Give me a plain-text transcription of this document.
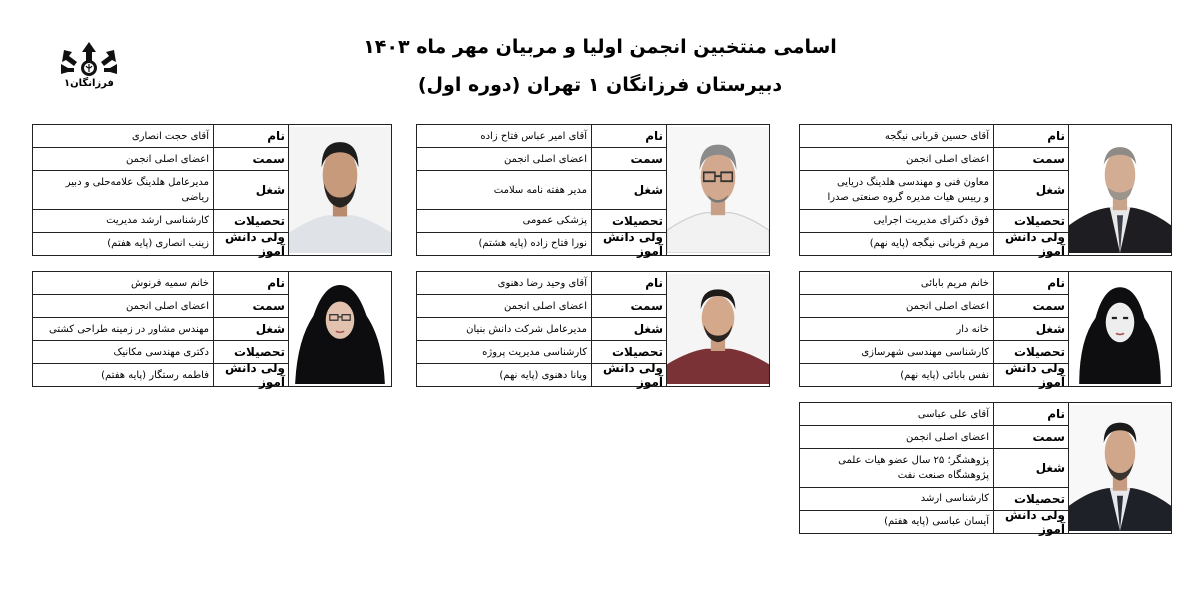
اسامی منتخبین انجمن اولیا و مربیان مهر ماه ۱۴۰۳
دبیرستان فرزانگان ۱ تهران (دوره اول)
فرزانگان۱
نام
آقای حسین قربانی نیگجه
سمت
اعضای اصلی انجمن
شغل
معاون فنی و مهندسی هلدینگ دریایی
و رییس هیات مدیره گروه صنعتی صدرا
تحصیلات
فوق دکترای مدیریت اجرایی
ولی دانش آموز
مریم قربانی نیگجه (پایه نهم)
نام
آقای امیر عباس فتاح زاده
سمت
اعضای اصلی انجمن
شغل
مدیر هفته نامه سلامت
تحصیلات
پزشکی عمومی
ولی دانش آموز
نورا فتاح زاده (پایه هشتم)
نام
آقای حجت انصاری
سمت
اعضای اصلی انجمن
شغل
مدیرعامل هلدینگ علامه‌حلی و دبیر ریاضی
تحصیلات
کارشناسی ارشد مدیریت
ولی دانش آموز
زینب انصاری (پایه هفتم)
نام
خانم مریم بابائی
سمت
اعضای اصلی انجمن
شغل
خانه دار
تحصیلات
کارشناسی مهندسی شهرسازی
ولی دانش آموز
نفس بابائی (پایه نهم)
نام
آقای وحید رضا دهنوی
سمت
اعضای اصلی انجمن
شغل
مدیرعامل شرکت دانش بنیان
تحصیلات
کارشناسی مدیریت پروژه
ولی دانش آموز
ویانا دهنوی (پایه نهم)
نام
خانم سمیه فرنوش
سمت
اعضای اصلی انجمن
شغل
مهندس مشاور در زمینه طراحی کشتی
تحصیلات
دکتری مهندسی مکانیک
ولی دانش آموز
فاطمه رستگار (پایه هفتم)
نام
آقای علی عباسی
سمت
اعضای اصلی انجمن
شغل
پژوهشگر؛ ۲۵ سال عضو هیات علمی
پژوهشگاه صنعت نفت
تحصیلات
کارشناسی ارشد
ولی دانش آموز
آیسان عباسی (پایه هفتم)
